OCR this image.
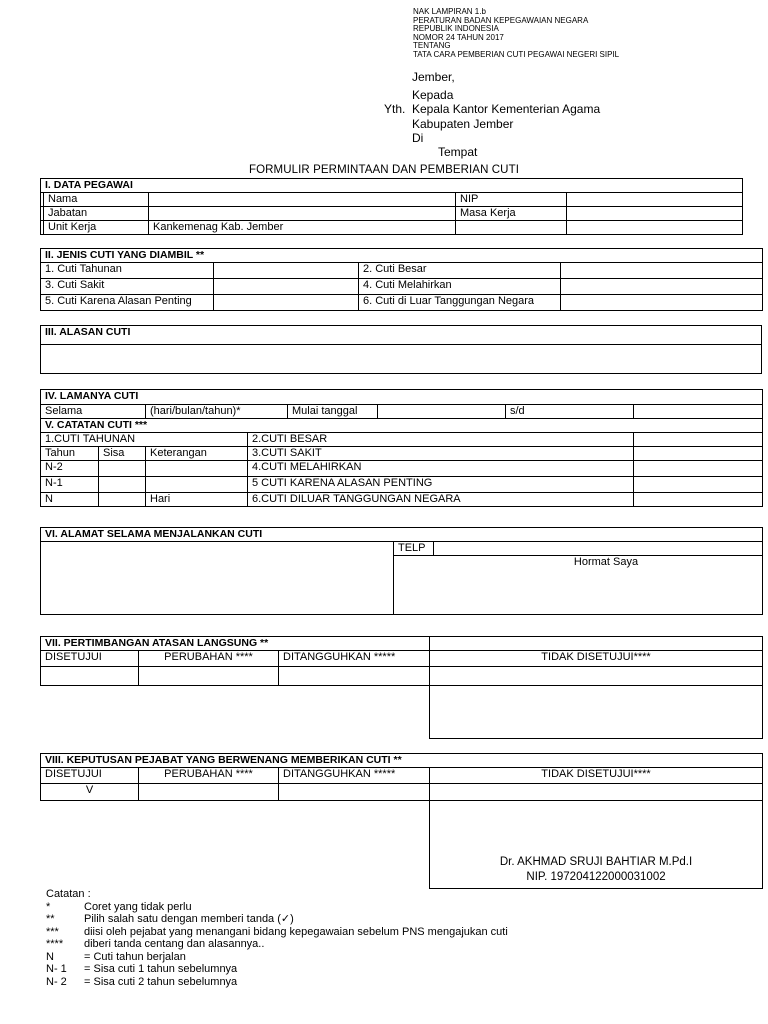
NAK LAMPIRAN 1.b
PERATURAN BADAN KEPEGAWAIAN NEGARA
REPUBLIK INDONESIA
NOMOR 24 TAHUN 2017
TENTANG
TATA CARA PEMBERIAN CUTI PEGAWAI NEGERI SIPIL
Jember,
Kepada
Yth. Kepala Kantor Kementerian Agama
Kabupaten Jember
Di
Tempat
FORMULIR PERMINTAAN DAN PEMBERIAN CUTI
I. DATA PEGAWAI				
	Nama		NIP	
	Jabatan		Masa Kerja	
	Unit Kerja	Kankemenag Kab. Jember		
II. JENIS CUTI YANG DIAMBIL **			
1. Cuti Tahunan		2. Cuti Besar	
3. Cuti Sakit		4. Cuti Melahirkan	
5. Cuti Karena Alasan Penting		6. Cuti di Luar Tanggungan Negara	
III. ALASAN CUTI

IV. LAMANYA CUTI							
Selama		(hari/bulan/tahun)*		Mulai tanggal		s/d	
V. CATATAN CUTI ***							
1.CUTI TAHUNAN			2.CUTI BESAR				
Tahun	Sisa	Keterangan	3.CUTI SAKIT				
N-2			4.CUTI MELAHIRKAN				
N-1			5 CUTI KARENA ALASAN PENTING				
N		Hari	6.CUTI DILUAR TANGGUNGAN NEGARA				
VI. ALAMAT SELAMA MENJALANKAN CUTI
	TELP	
Hormat Saya
VII. PERTIMBANGAN ATASAN LANGSUNG **			
DISETUJUI	PERUBAHAN ****	DITANGGUHKAN *****	TIDAK DISETUJUI****

VIII. KEPUTUSAN PEJABAT YANG BERWENANG MEMBERIKAN CUTI **			
DISETUJUI	PERUBAHAN ****	DITANGGUHKAN *****	TIDAK DISETUJUI****
V			

			Dr. AKHMAD SRUJI BAHTIAR M.Pd.I
NIP. 197204122000031002
Catatan :
*	Coret yang tidak perlu
**	Pilih salah satu dengan memberi tanda (✓)
*** diisi oleh pejabat yang menangani bidang kepegawaian sebelum PNS mengajukan cuti
**** diberi tanda centang dan alasannya..
N	= Cuti tahun berjalan
N- 1 = Sisa cuti 1 tahun sebelumnya
N- 2 = Sisa cuti 2 tahun sebelumnya
